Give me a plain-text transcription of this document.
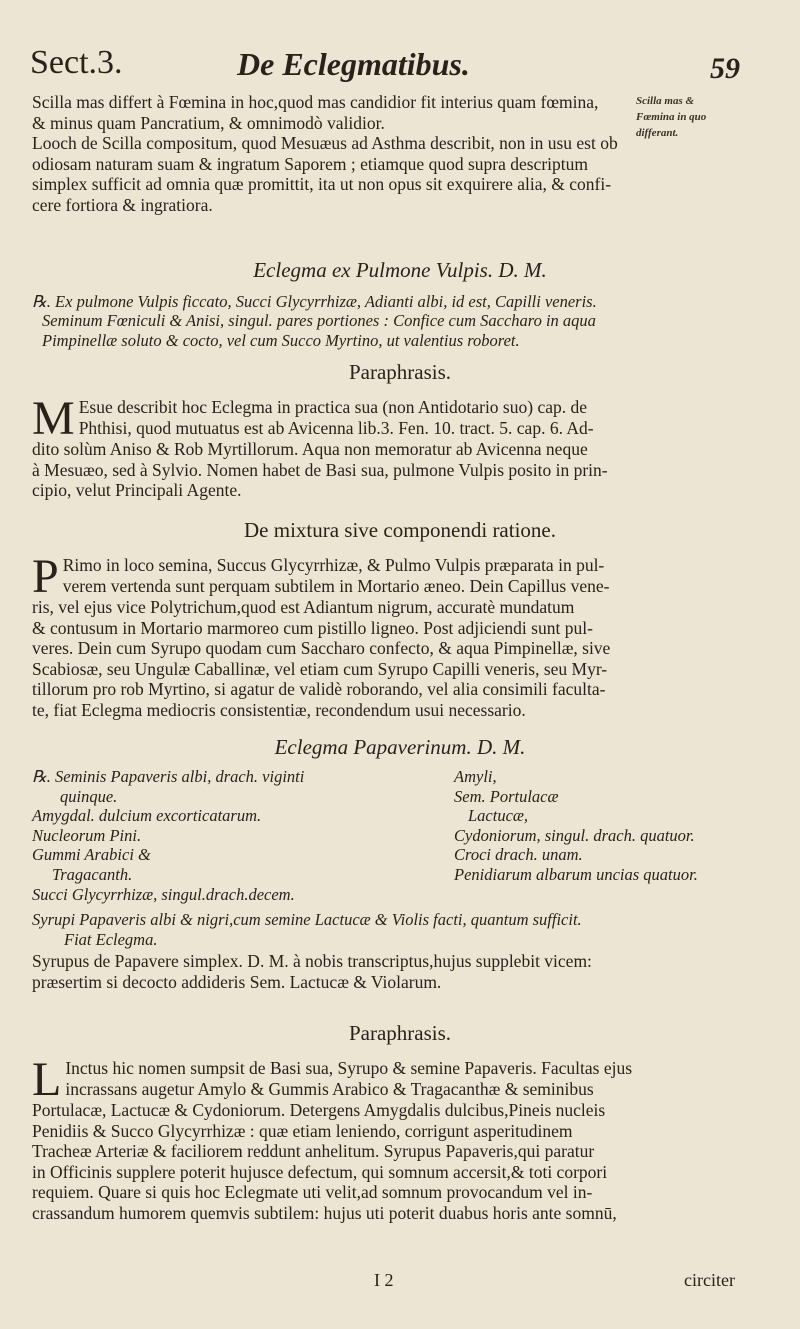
Sect.3.	De Eclegmatibus.	59
Scilla mas &
Fœmina in quo
differant.
Scilla mas differt à Fœmina in hoc,quod mas candidior fit interius quam fœmina,
& minus quam Pancratium, & omnimodò validior.
Looch de Scilla compositum, quod Mesuæus ad Asthma describit, non in usu est ob
odiosam naturam suam & ingratum Saporem ; etiamque quod supra descriptum
simplex sufficit ad omnia quæ promittit, ita ut non opus sit exquirere alia, & confi-
cere fortiora & ingratiora.
Eclegma ex Pulmone Vulpis. D. M.
℞. Ex pulmone Vulpis ficcato, Succi Glycyrrhizæ, Adianti albi, id est, Capilli veneris.
Seminum Fœniculi & Anisi, singul. pares portiones : Confice cum Saccharo in aqua
Pimpinellæ soluto & cocto, vel cum Succo Myrtino, ut valentius roboret.
Paraphrasis.
M Esue describit hoc Eclegma in practica sua (non Antidotario suo) cap. de
Phthisi, quod mutuatus est ab Avicenna lib.3. Fen. 10. tract. 5. cap. 6. Ad-
dito solùm Aniso & Rob Myrtillorum. Aqua non memoratur ab Avicenna neque
à Mesuæo, sed à Sylvio. Nomen habet de Basi sua, pulmone Vulpis posito in prin-
cipio, velut Principali Agente.
De mixtura sive componendi ratione.
P Rimo in loco semina, Succus Glycyrrhizæ, & Pulmo Vulpis præparata in pul-
verem vertenda sunt perquam subtilem in Mortario æneo. Dein Capillus vene-
ris, vel ejus vice Polytrichum,quod est Adiantum nigrum, accuratè mundatum
& contusum in Mortario marmoreo cum pistillo ligneo. Post adjiciendi sunt pul-
veres. Dein cum Syrupo quodam cum Saccharo confecto, & aqua Pimpinellæ, sive
Scabiosæ, seu Ungulæ Caballinæ, vel etiam cum Syrupo Capilli veneris, seu Myr-
tillorum pro rob Myrtino, si agatur de validè roborando, vel alia consimili faculta-
te, fiat Eclegma mediocris consistentiæ, recondendum usui necessario.
Eclegma Papaverinum. D. M.
℞. Seminis Papaveris albi, drach. viginti
quinque.
Amygdal. dulcium excorticatarum.
Nucleorum Pini.
Gummi Arabici &
Tragacanth.
Succi Glycyrrhizæ, singul.drach.decem.
Amyli,
Sem. Portulacæ
Lactucæ,
Cydoniorum, singul. drach. quatuor.
Croci drach. unam.
Penidiarum albarum uncias quatuor.
Syrupi Papaveris albi & nigri,cum semine Lactucæ & Violis facti, quantum sufficit.
Fiat Eclegma.
Syrupus de Papavere simplex. D. M. à nobis transcriptus,hujus supplebit vicem:
præsertim si decocto addideris Sem. Lactucæ & Violarum.
Paraphrasis.
L Inctus hic nomen sumpsit de Basi sua, Syrupo & semine Papaveris. Facultas ejus
incrassans augetur Amylo & Gummis Arabico & Tragacanthæ & seminibus
Portulacæ, Lactucæ & Cydoniorum. Detergens Amygdalis dulcibus,Pineis nucleis
Penidiis & Succo Glycyrrhizæ : quæ etiam leniendo, corrigunt asperitudinem
Tracheæ Arteriæ & faciliorem reddunt anhelitum. Syrupus Papaveris,qui paratur
in Officinis supplere poterit hujusce defectum, qui somnum accersit,& toti corpori
requiem. Quare si quis hoc Eclegmate uti velit,ad somnum provocandum vel in-
crassandum humorem quemvis subtilem: hujus uti poterit duabus horis ante somnū,
I 2	circiter
